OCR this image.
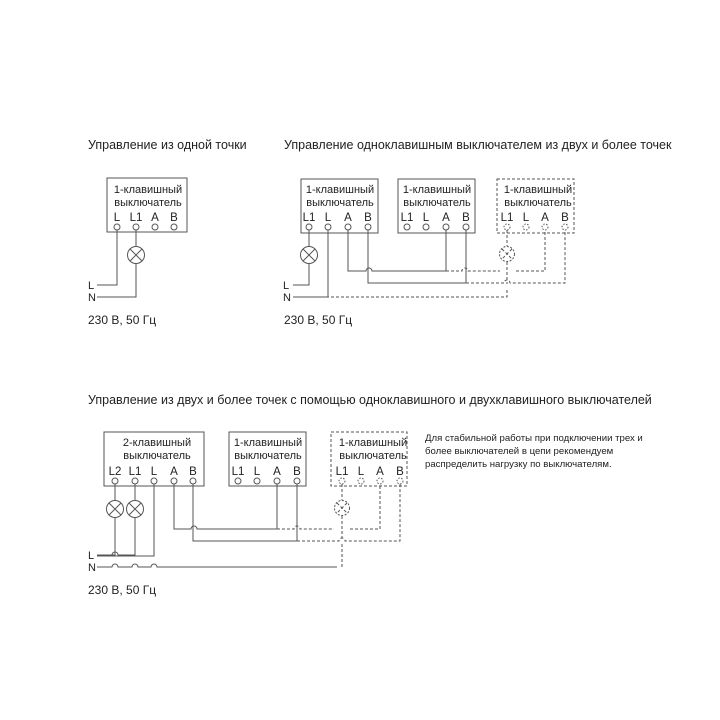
Управление из одной точки
1-клавишный
выключатель
L L1 A B
L
N
230 В, 50 Гц
Управление одноклавишным выключателем из двух и более точек
1-клавишный
выключатель
L1 L A B
1-клавишный
выключатель
L1 L A B
1-клавишный
выключатель
L1 L A B
L
N
230 В, 50 Гц
Управление из двух и более точек с помощью одноклавишного и двухклавишного выключателей
2-клавишный
выключатель
L2 L1 L A B
1-клавишный
выключатель
L1 L A B
1-клавишный
выключатель
L1 L A B
L
N
230 В, 50 Гц
Для стабильной работы при подключении трех и более выключателей в цепи рекомендуем распределить нагрузку по выключателям.
